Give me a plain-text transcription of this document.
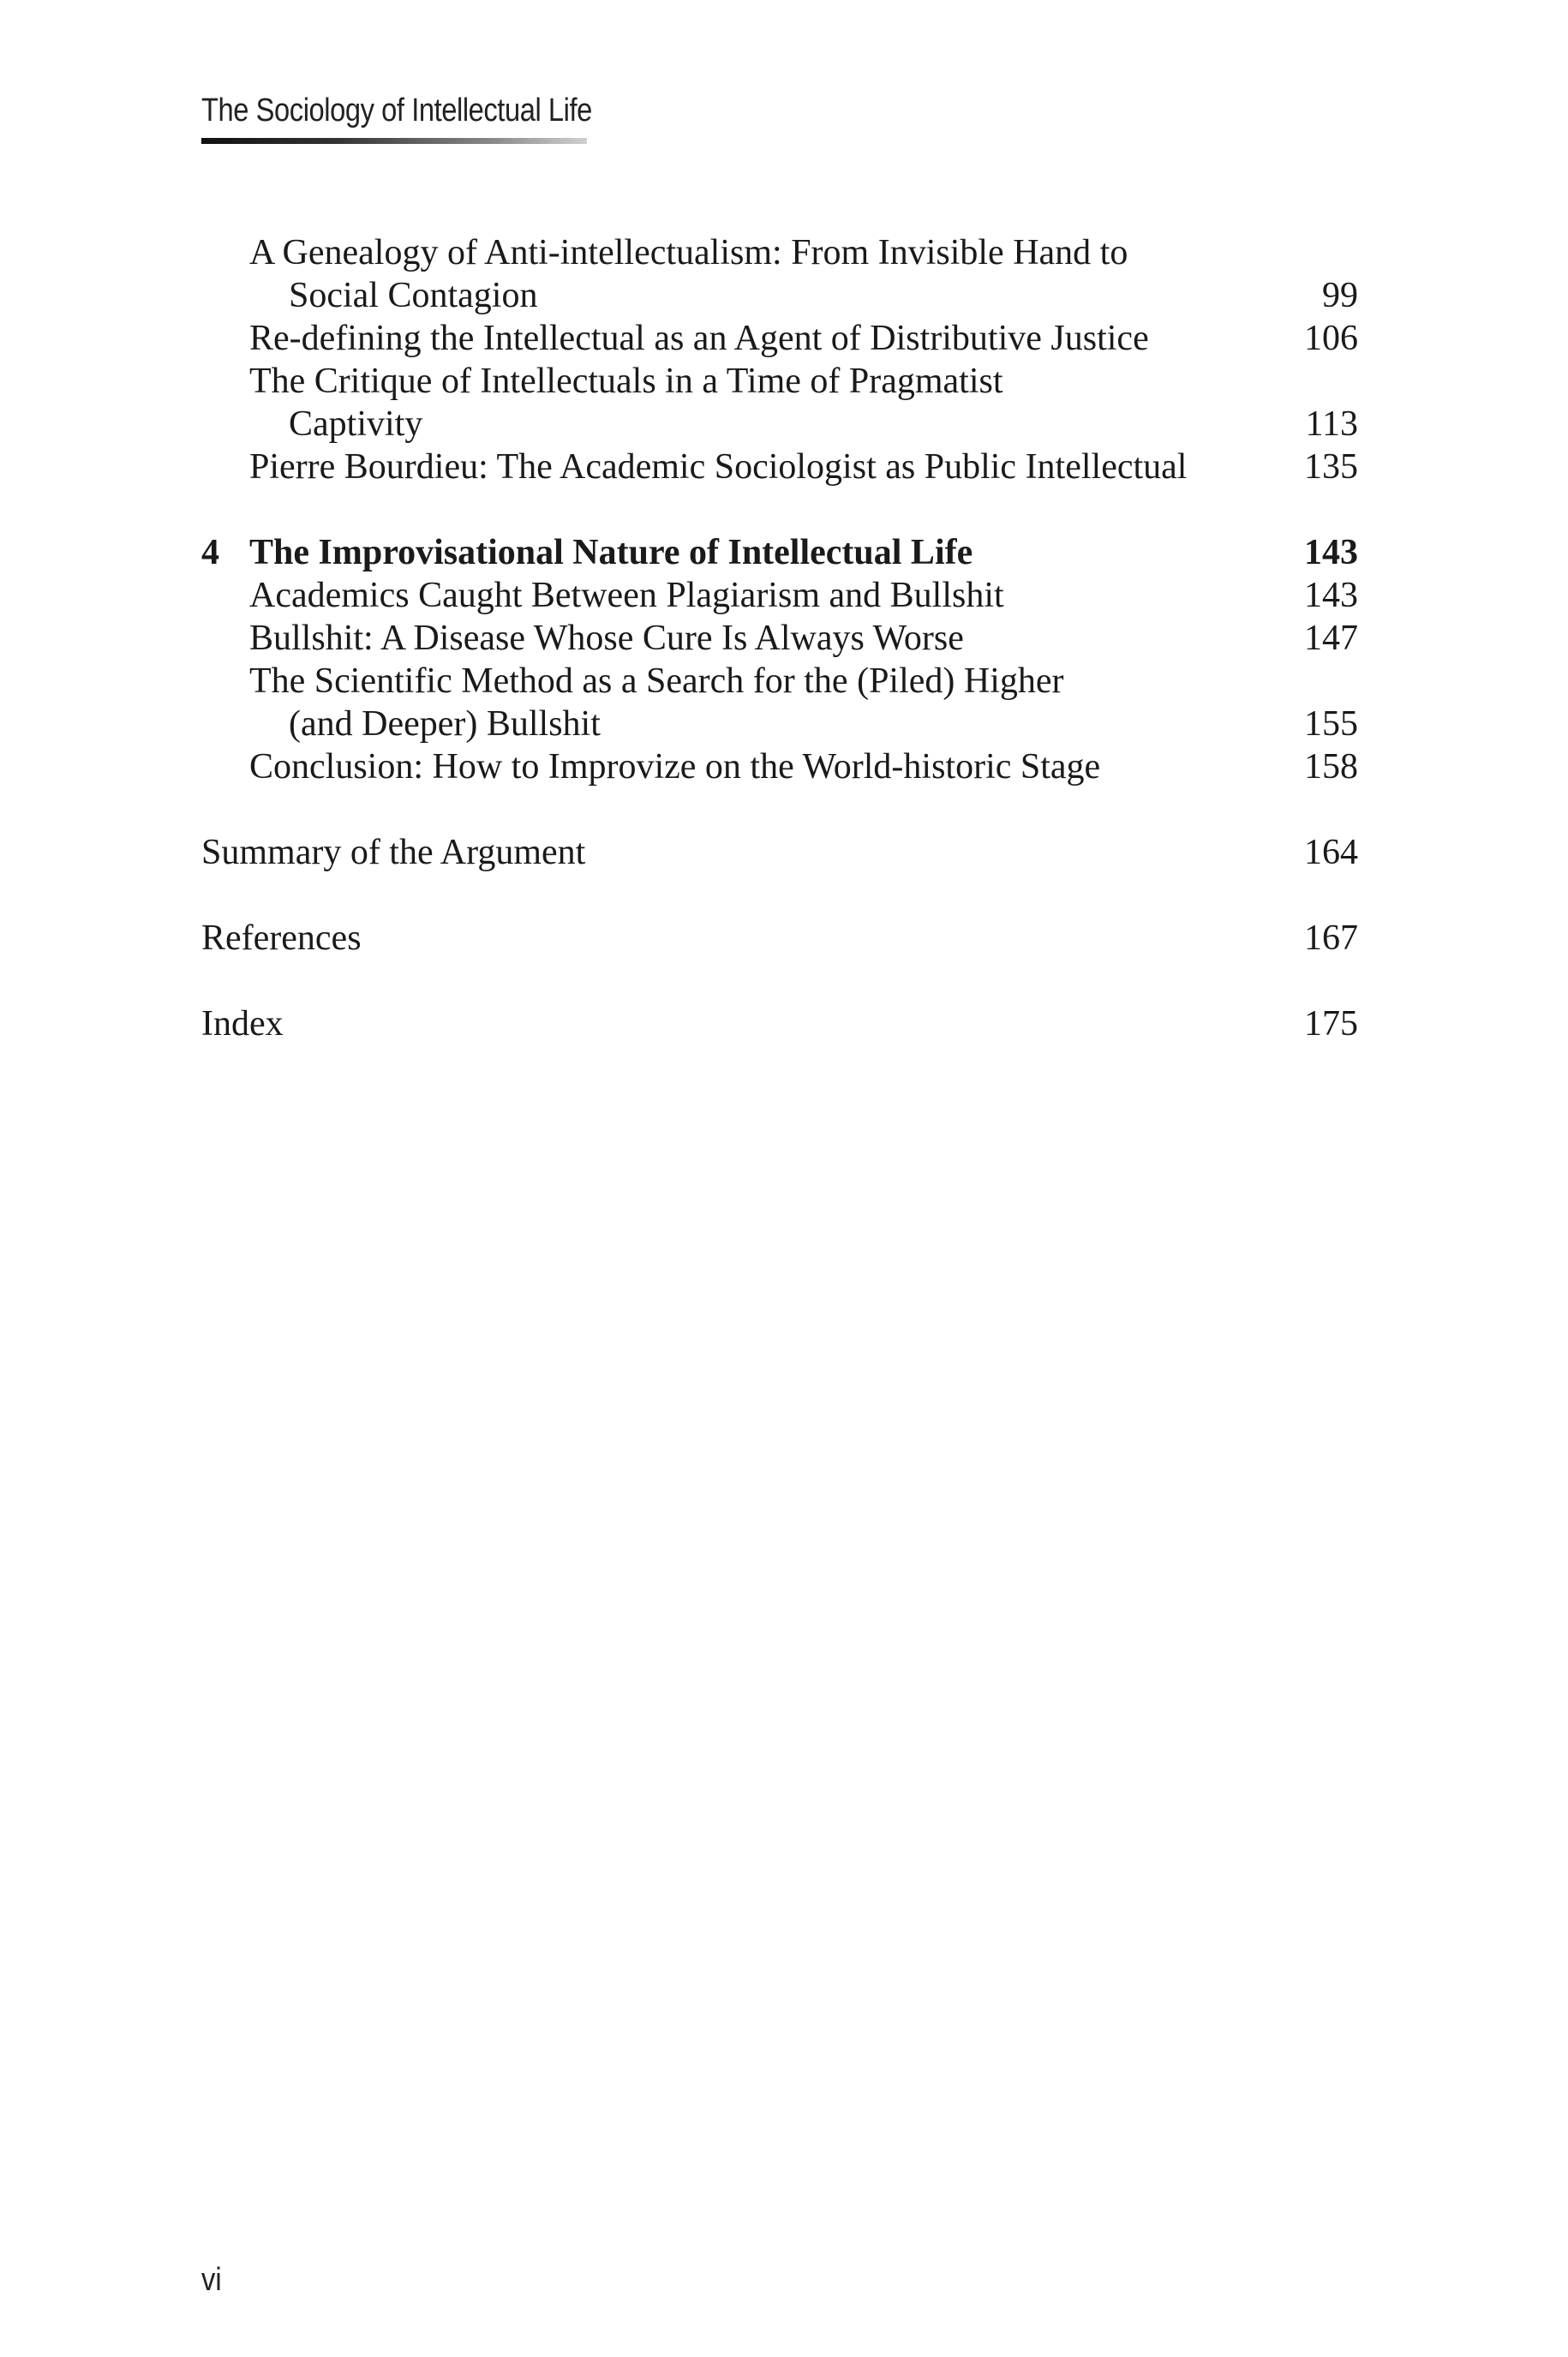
The Sociology of Intellectual Life
A Genealogy of Anti-intellectualism: From Invisible Hand to
Social Contagion	99
Re-defining the Intellectual as an Agent of Distributive Justice	106
The Critique of Intellectuals in a Time of Pragmatist
Captivity	113
Pierre Bourdieu: The Academic Sociologist as Public Intellectual	135
4 The Improvisational Nature of Intellectual Life	143
Academics Caught Between Plagiarism and Bullshit	143
Bullshit: A Disease Whose Cure Is Always Worse	147
The Scientific Method as a Search for the (Piled) Higher
(and Deeper) Bullshit	155
Conclusion: How to Improvize on the World-historic Stage	158
Summary of the Argument	164
References	167
Index	175
vi
